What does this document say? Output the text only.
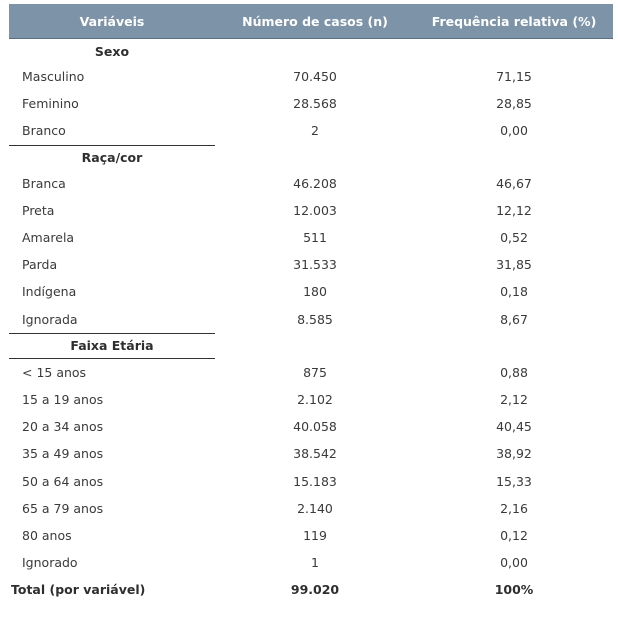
Variáveis	Número de casos (n)	Frequência relativa (%)
Sexo
Masculino	70.450	71,15
Feminino	28.568	28,85
Branco	2	0,00
Raça/cor
Branca	46.208	46,67
Preta	12.003	12,12
Amarela	511	0,52
Parda	31.533	31,85
Indígena	180	0,18
Ignorada	8.585	8,67
Faixa Etária
< 15 anos	875	0,88
15 a 19 anos	2.102	2,12
20 a 34 anos	40.058	40,45
35 a 49 anos	38.542	38,92
50 a 64 anos	15.183	15,33
65 a 79 anos	2.140	2,16
80 anos	119	0,12
Ignorado	1	0,00
Total (por variável)	99.020	100%
